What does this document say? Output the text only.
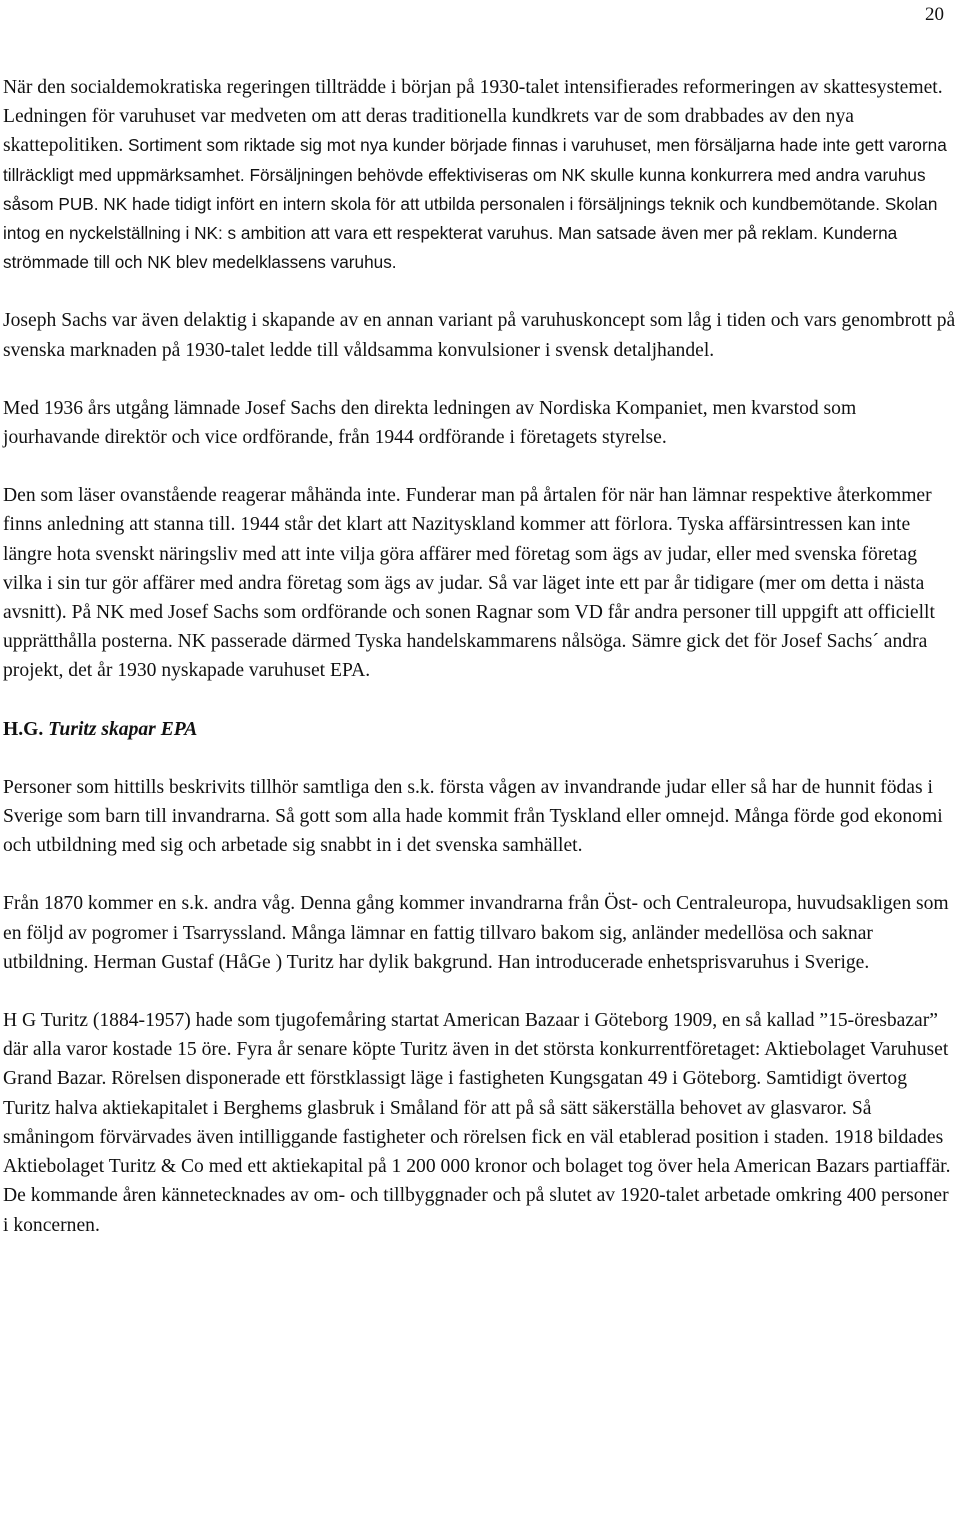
20

När den socialdemokratiska regeringen tillträdde i början på 1930-talet intensifierades reformeringen av skattesystemet. Ledningen för varuhuset var medveten om att deras traditionella kundkrets var de som drabbades av den nya skattepolitiken. Sortiment som riktade sig mot nya kunder började finnas i varuhuset, men försäljarna hade inte gett varorna tillräckligt med uppmärksamhet. Försäljningen behövde effektiviseras om NK skulle kunna konkurrera med andra varuhus såsom PUB. NK hade tidigt infört en intern skola för att utbilda personalen i försäljnings teknik och kundbemötande. Skolan intog en nyckelställning i NK: s ambition att vara ett respekterat varuhus. Man satsade även mer på reklam. Kunderna strömmade till och NK blev medelklassens varuhus.

Joseph Sachs var även delaktig i skapande av en annan variant på varuhuskoncept som låg i tiden och vars genombrott på svenska marknaden på 1930-talet ledde till våldsamma konvulsioner i svensk detaljhandel.

Med 1936 års utgång lämnade Josef Sachs den direkta ledningen av Nordiska Kompaniet, men kvarstod som jourhavande direktör och vice ordförande, från 1944 ordförande i företagets styrelse.

Den som läser ovanstående reagerar måhända inte. Funderar man på årtalen för när han lämnar respektive återkommer finns anledning att stanna till. 1944 står det klart att Nazityskland kommer att förlora. Tyska affärsintressen kan inte längre hota svenskt näringsliv med att inte vilja göra affärer med företag som ägs av judar, eller med svenska företag vilka i sin tur gör affärer med andra företag som ägs av judar. Så var läget inte ett par år tidigare (mer om detta i nästa avsnitt). På NK med Josef Sachs som ordförande och sonen Ragnar som VD får andra personer till uppgift att officiellt upprätthålla posterna. NK passerade därmed Tyska handelskammarens nålsöga. Sämre gick det för Josef Sachs´ andra projekt, det år 1930 nyskapade varuhuset EPA.

H.G. Turitz skapar EPA

Personer som hittills beskrivits tillhör samtliga den s.k. första vågen av invandrande judar eller så har de hunnit födas i Sverige som barn till invandrarna. Så gott som alla hade kommit från Tyskland eller omnejd. Många förde god ekonomi och utbildning med sig och arbetade sig snabbt in i det svenska samhället.

Från 1870 kommer en s.k. andra våg. Denna gång kommer invandrarna från Öst- och Centraleuropa, huvudsakligen som en följd av pogromer i Tsarryssland. Många lämnar en fattig tillvaro bakom sig, anländer medellösa och saknar utbildning. Herman Gustaf (HåGe ) Turitz har dylik bakgrund. Han introducerade enhetsprisvaruhus i Sverige.

H G Turitz (1884-1957) hade som tjugofemåring startat American Bazaar i Göteborg 1909, en så kallad ”15-öresbazar” där alla varor kostade 15 öre. Fyra år senare köpte Turitz även in det största konkurrentföretaget: Aktiebolaget Varuhuset Grand Bazar. Rörelsen disponerade ett förstklassigt läge i fastigheten Kungsgatan 49 i Göteborg. Samtidigt övertog Turitz halva aktiekapitalet i Berghems glasbruk i Småland för att på så sätt säkerställa behovet av glasvaror. Så småningom förvärvades även intilliggande fastigheter och rörelsen fick en väl etablerad position i staden. 1918 bildades Aktiebolaget Turitz & Co med ett aktiekapital på 1 200 000 kronor och bolaget tog över hela American Bazars partiaffär. De kommande åren kännetecknades av om- och tillbyggnader och på slutet av 1920-talet arbetade omkring 400 personer i koncernen.
